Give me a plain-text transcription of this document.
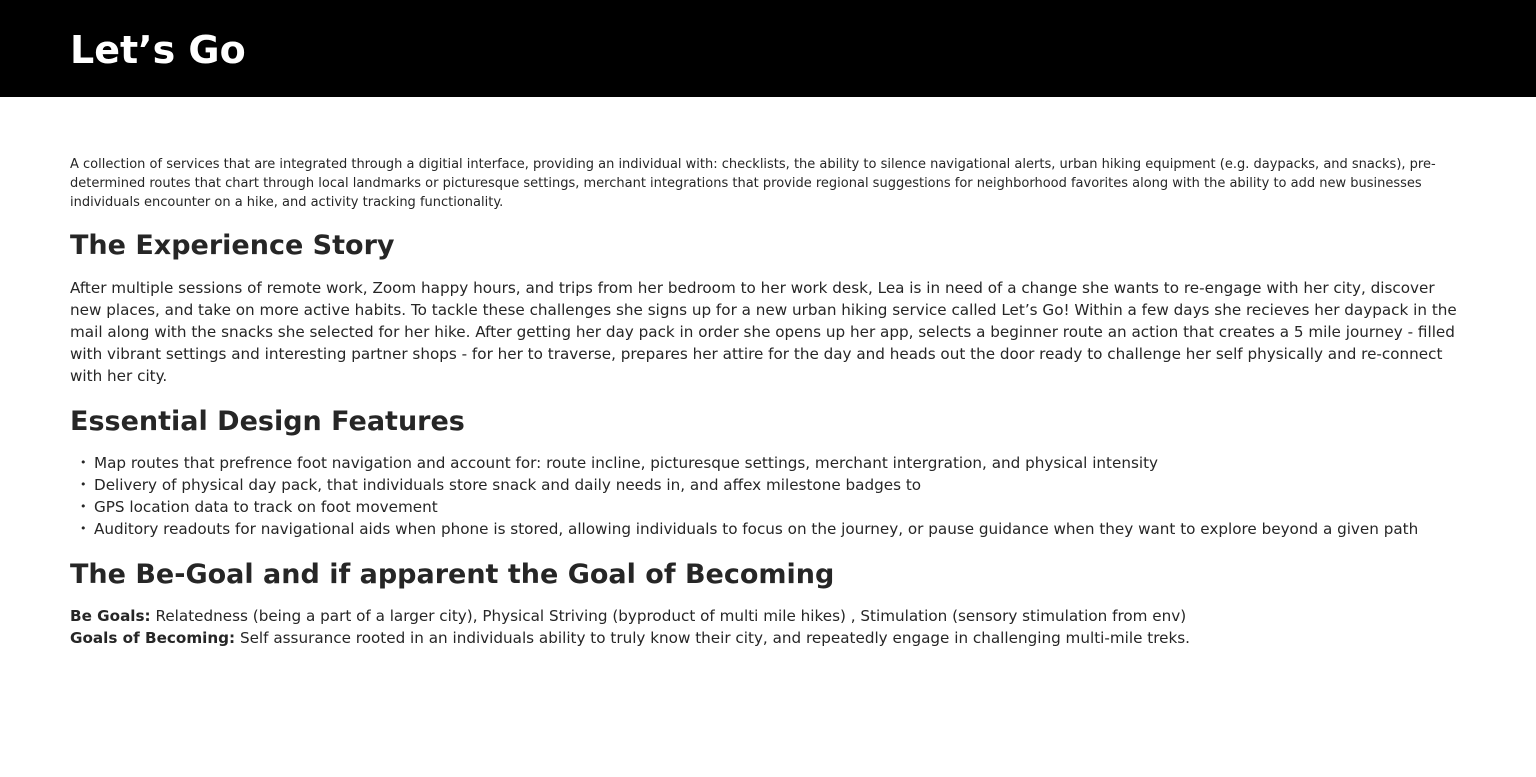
Let’s Go

A collection of services that are integrated through a digitial interface, providing an individual with: checklists, the ability to silence navigational alerts, urban hiking equipment (e.g. daypacks, and snacks), pre-determined routes that chart through local landmarks or picturesque settings, merchant integrations that provide regional suggestions for neighborhood favorites along with the ability to add new businesses individuals encounter on a hike, and activity tracking functionality.

The Experience Story

After multiple sessions of remote work, Zoom happy hours, and trips from her bedroom to her work desk, Lea is in need of a change she wants to re-engage with her city, discover new places, and take on more active habits. To tackle these challenges she signs up for a new urban hiking service called Let’s Go! Within a few days she recieves her daypack in the mail along with the snacks she selected for her hike. After getting her day pack in order she opens up her app, selects a beginner route an action that creates a 5 mile journey - filled with vibrant settings and interesting partner shops - for her to traverse, prepares her attire for the day and heads out the door ready to challenge her self physically and re-connect with her city.

Essential Design Features
• Map routes that prefrence foot navigation and account for: route incline, picturesque settings, merchant intergration, and physical intensity
• Delivery of physical day pack, that individuals store snack and daily needs in, and affex milestone badges to
• GPS location data to track on foot movement
• Auditory readouts for navigational aids when phone is stored, allowing individuals to focus on the journey, or pause guidance when they want to explore beyond a given path
The Be-Goal and if apparent the Goal of Becoming
Be Goals: Relatedness (being a part of a larger city), Physical Striving (byproduct of multi mile hikes) , Stimulation (sensory stimulation from env)
Goals of Becoming: Self assurance rooted in an individuals ability to truly know their city, and repeatedly engage in challenging multi-mile treks.
